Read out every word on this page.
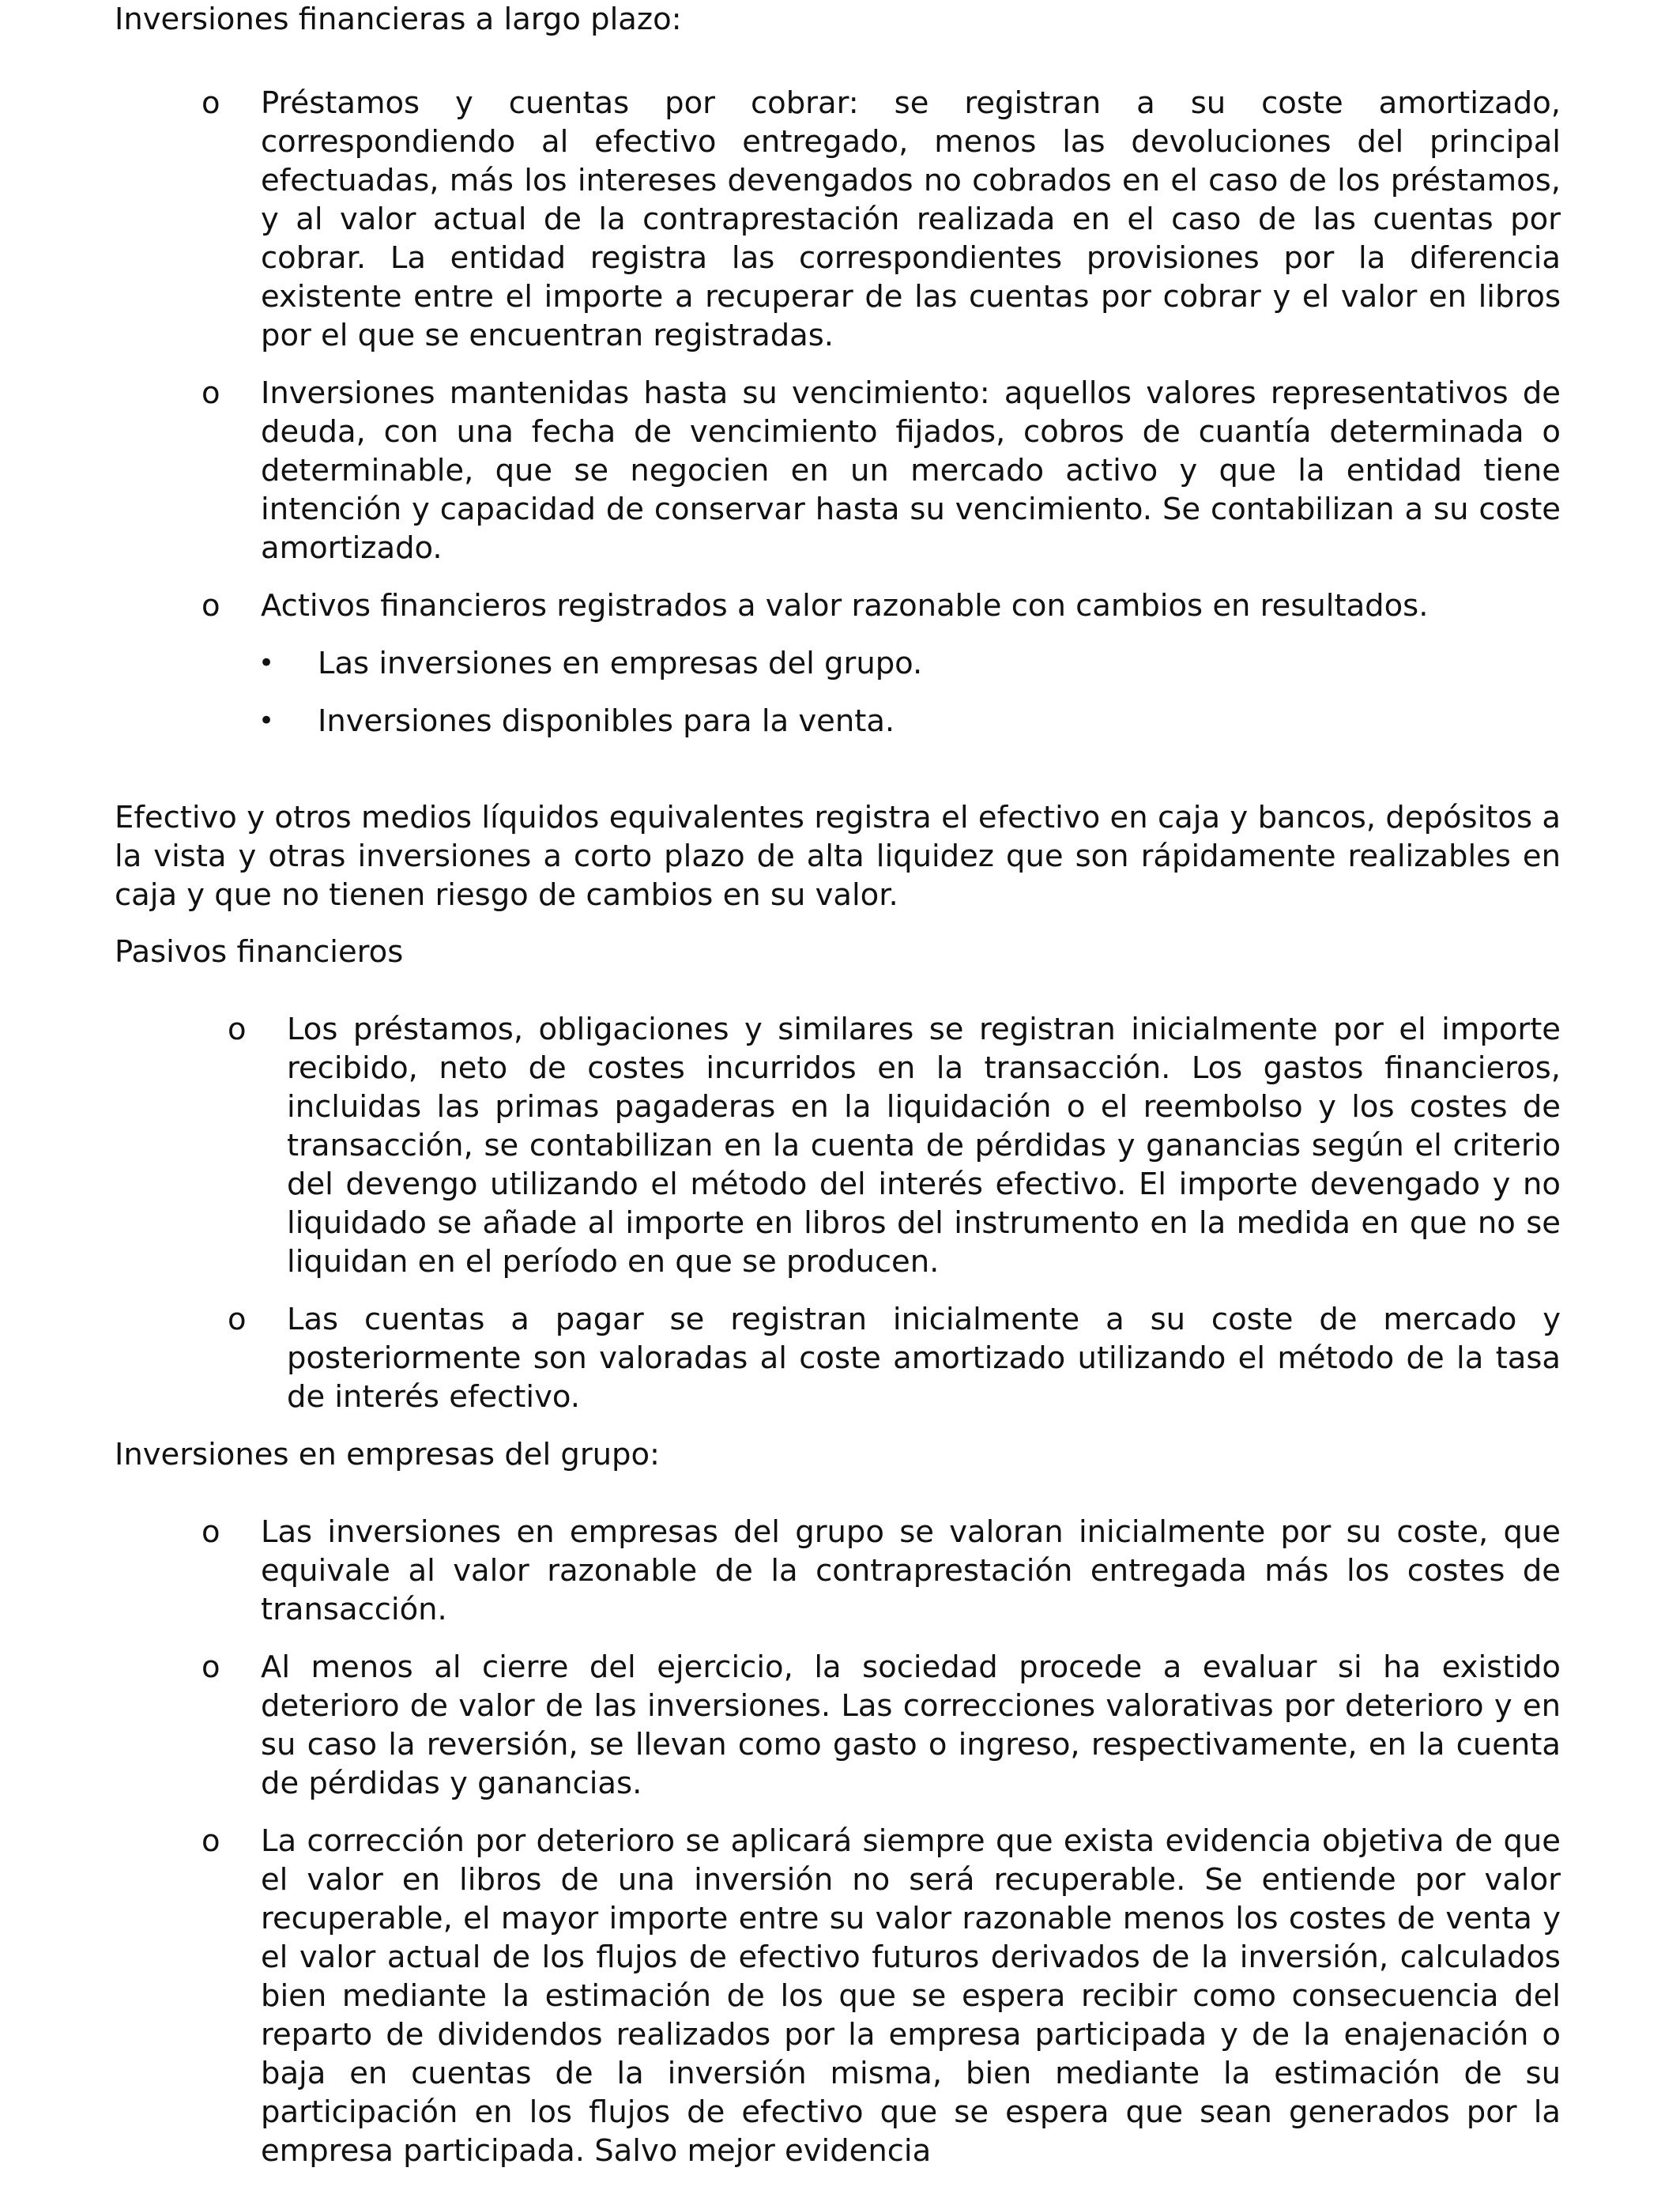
Inversiones financieras a largo plazo:

o Préstamos y cuentas por cobrar: se registran a su coste amortizado, correspondiendo al efectivo entregado, menos las devoluciones del principal efectuadas, más los intereses devengados no cobrados en el caso de los préstamos, y al valor actual de la contraprestación realizada en el caso de las cuentas por cobrar. La entidad registra las correspondientes provisiones por la diferencia existente entre el importe a recuperar de las cuentas por cobrar y el valor en libros por el que se encuentran registradas.
o Inversiones mantenidas hasta su vencimiento: aquellos valores representativos de deuda, con una fecha de vencimiento fijados, cobros de cuantía determinada o determinable, que se negocien en un mercado activo y que la entidad tiene intención y capacidad de conservar hasta su vencimiento. Se contabilizan a su coste amortizado.
o Activos financieros registrados a valor razonable con cambios en resultados.
• Las inversiones en empresas del grupo.
• Inversiones disponibles para la venta.

Efectivo y otros medios líquidos equivalentes registra el efectivo en caja y bancos, depósitos a la vista y otras inversiones a corto plazo de alta liquidez que son rápidamente realizables en caja y que no tienen riesgo de cambios en su valor.

Pasivos financieros

o Los préstamos, obligaciones y similares se registran inicialmente por el importe recibido, neto de costes incurridos en la transacción. Los gastos financieros, incluidas las primas pagaderas en la liquidación o el reembolso y los costes de transacción, se contabilizan en la cuenta de pérdidas y ganancias según el criterio del devengo utilizando el método del interés efectivo. El importe devengado y no liquidado se añade al importe en libros del instrumento en la medida en que no se liquidan en el período en que se producen.
o Las cuentas a pagar se registran inicialmente a su coste de mercado y posteriormente son valoradas al coste amortizado utilizando el método de la tasa de interés efectivo.

Inversiones en empresas del grupo:

o Las inversiones en empresas del grupo se valoran inicialmente por su coste, que equivale al valor razonable de la contraprestación entregada más los costes de transacción.
o Al menos al cierre del ejercicio, la sociedad procede a evaluar si ha existido deterioro de valor de las inversiones. Las correcciones valorativas por deterioro y en su caso la reversión, se llevan como gasto o ingreso, respectivamente, en la cuenta de pérdidas y ganancias.
o La corrección por deterioro se aplicará siempre que exista evidencia objetiva de que el valor en libros de una inversión no será recuperable. Se entiende por valor recuperable, el mayor importe entre su valor razonable menos los costes de venta y el valor actual de los flujos de efectivo futuros derivados de la inversión, calculados bien mediante la estimación de los que se espera recibir como consecuencia del reparto de dividendos realizados por la empresa participada y de la enajenación o baja en cuentas de la inversión misma, bien mediante la estimación de su participación en los flujos de efectivo que se espera que sean generados por la empresa participada. Salvo mejor evidencia
